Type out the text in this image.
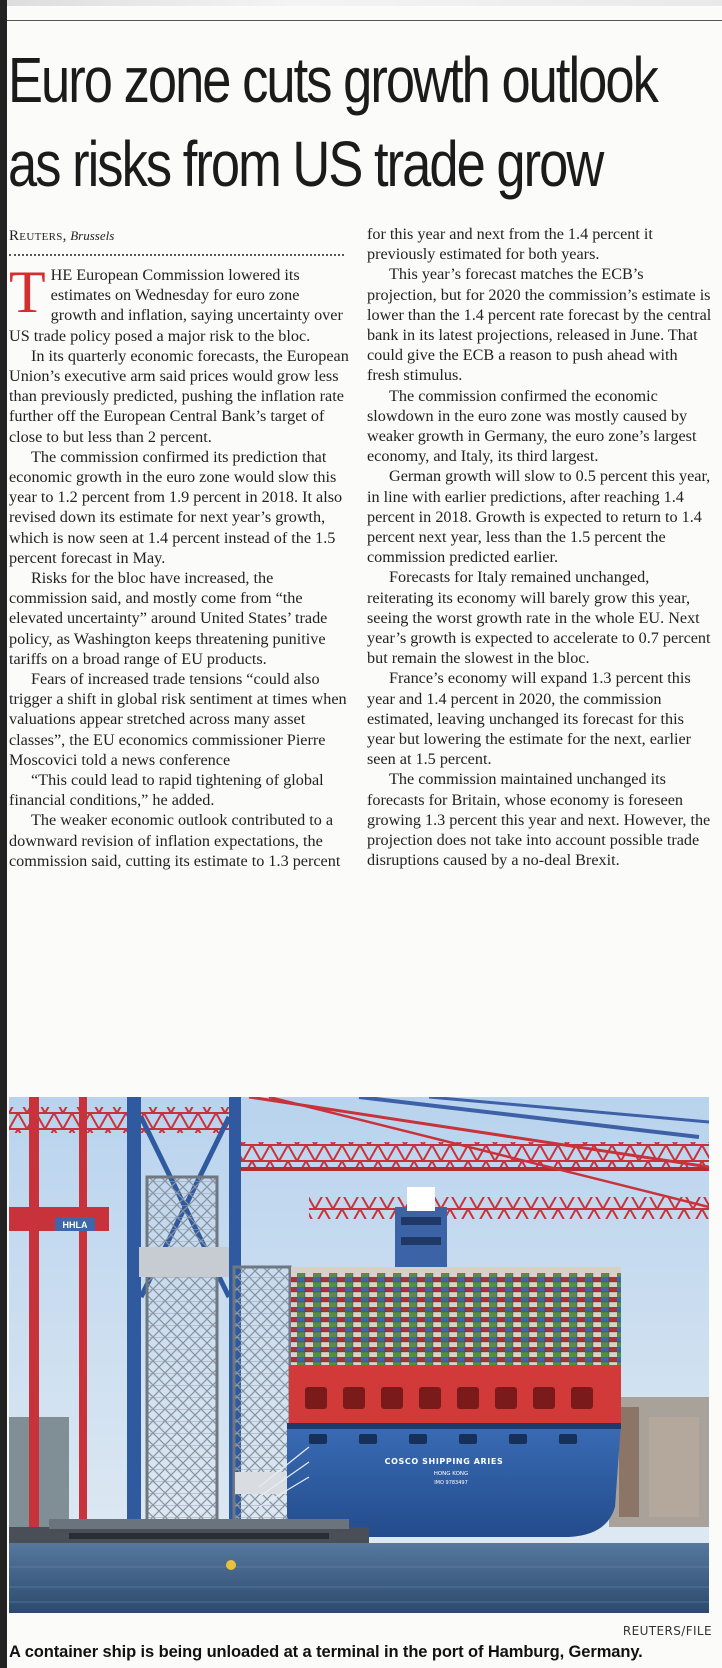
Euro zone cuts growth outlook
as risks from US trade grow
Reuters, Brussels

THE European Commission lowered its estimates on Wednesday for euro zone growth and inflation, saying uncertainty over US trade policy posed a major risk to the bloc.

In its quarterly economic forecasts, the European Union’s executive arm said prices would grow less than previously predicted, pushing the inflation rate further off the European Central Bank’s target of close to but less than 2 percent.

The commission confirmed its prediction that economic growth in the euro zone would slow this year to 1.2 percent from 1.9 percent in 2018. It also revised down its estimate for next year’s growth, which is now seen at 1.4 percent instead of the 1.5 percent forecast in May.

Risks for the bloc have increased, the commission said, and mostly come from “the elevated uncertainty” around United States’ trade policy, as Washington keeps threatening punitive tariffs on a broad range of EU products.

Fears of increased trade tensions “could also trigger a shift in global risk sentiment at times when valuations appear stretched across many asset classes”, the EU economics commissioner Pierre Moscovici told a news conference

“This could lead to rapid tightening of global financial conditions,” he added.

The weaker economic outlook contributed to a downward revision of inflation expectations, the commission said, cutting its estimate to 1.3 percent

for this year and next from the 1.4 percent it previously estimated for both years.

This year’s forecast matches the ECB’s projection, but for 2020 the commission’s estimate is lower than the 1.4 percent rate forecast by the central bank in its latest projections, released in June. That could give the ECB a reason to push ahead with fresh stimulus.

The commission confirmed the economic slowdown in the euro zone was mostly caused by weaker growth in Germany, the euro zone’s largest economy, and Italy, its third largest.

German growth will slow to 0.5 percent this year, in line with earlier predictions, after reaching 1.4 percent in 2018. Growth is expected to return to 1.4 percent next year, less than the 1.5 percent the commission predicted earlier.

Forecasts for Italy remained unchanged, reiterating its economy will barely grow this year, seeing the worst growth rate in the whole EU. Next year’s growth is expected to accelerate to 0.7 percent but remain the slowest in the bloc.

France’s economy will expand 1.3 percent this year and 1.4 percent in 2020, the commission estimated, leaving unchanged its forecast for this year but lowering the estimate for the next, earlier seen at 1.5 percent.

The commission maintained unchanged its forecasts for Britain, whose economy is foreseen growing 1.3 percent this year and next. However, the projection does not take into account possible trade disruptions caused by a no-deal Brexit.

HHLA
COSCO SHIPPING ARIES
HONG KONG
IMO 9783497
REUTERS/FILE
A container ship is being unloaded at a terminal in the port of Hamburg, Germany.
